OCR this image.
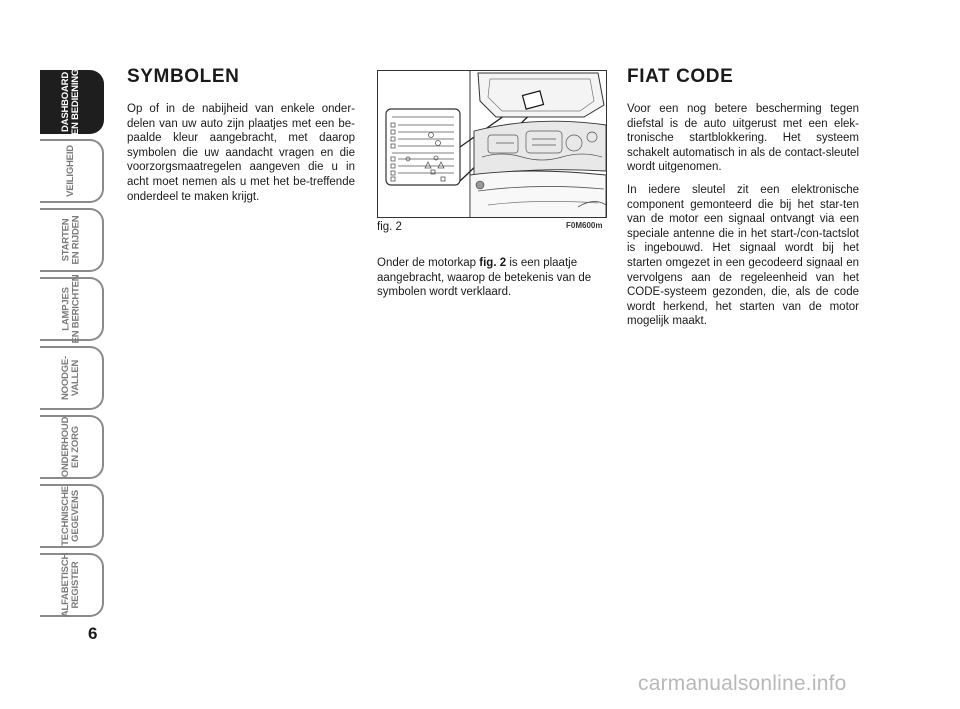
DASHBOARD
EN BEDIENING
VEILIGHEID
STARTEN
EN RIJDEN
LAMPJES
EN BERICHTEN
NOODGE-
VALLEN
ONDERHOUD
EN ZORG
TECHNISCHE
GEGEVENS
ALFABETISCH
REGISTER
6
SYMBOLEN

Op of in de nabijheid van enkele onder-delen van uw auto zijn plaatjes met een be-paalde kleur aangebracht, met daarop symbolen die uw aandacht vragen en die voorzorgsmaatregelen aangeven die u in acht moet nemen als u met het be-treffende onderdeel te maken krijgt.

fig. 2	F0M600m

Onder de motorkap fig. 2 is een plaatje aangebracht, waarop de betekenis van de symbolen wordt verklaard.

FIAT CODE

Voor een nog betere bescherming tegen diefstal is de auto uitgerust met een elek-tronische startblokkering. Het systeem schakelt automatisch in als de contact-sleutel wordt uitgenomen.

In iedere sleutel zit een elektronische component gemonteerd die bij het star-ten van de motor een signaal ontvangt via een speciale antenne die in het start-/con-tactslot is ingebouwd. Het signaal wordt bij het starten omgezet in een gecodeerd signaal en vervolgens aan de regeleenheid van het CODE-systeem gezonden, die, als de code wordt herkend, het starten van de motor mogelijk maakt.

carmanualsonline.info
